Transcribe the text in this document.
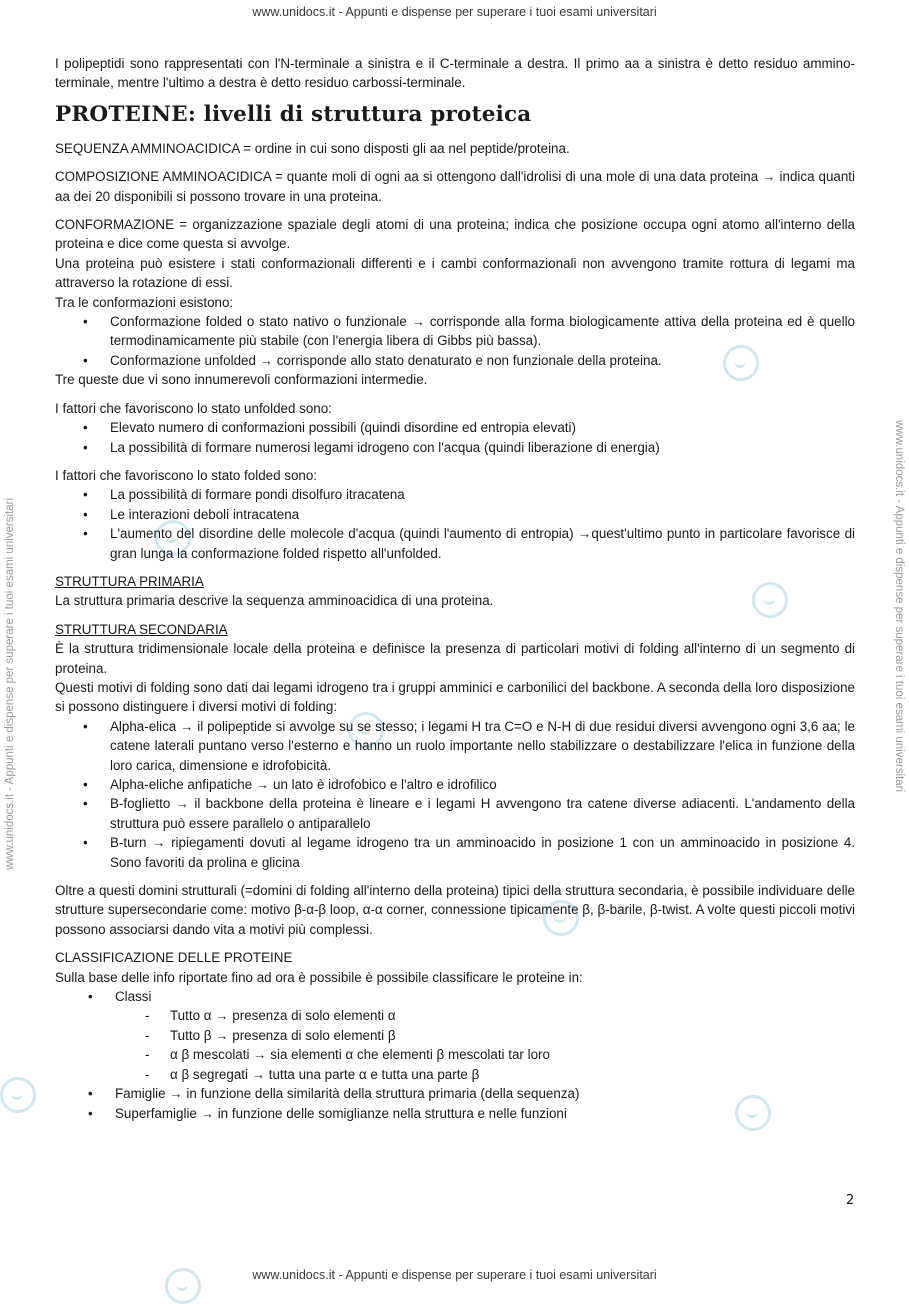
www.unidocs.it - Appunti e dispense per superare i tuoi esami universitari
www.unidocs.it - Appunti e dispense per superare i tuoi esami universitari	www.unidocs.it - Appunti e dispense per superare i tuoi esami universitari

I polipeptidi sono rappresentati con l'N-terminale a sinistra e il C-terminale a destra. Il primo aa a sinistra è detto residuo ammino-terminale, mentre l'ultimo a destra è detto residuo carbossi-terminale.

PROTEINE: livelli di struttura proteica

SEQUENZA AMMINOACIDICA = ordine in cui sono disposti gli aa nel peptide/proteina.

COMPOSIZIONE AMMINOACIDICA = quante moli di ogni aa si ottengono dall'idrolisi di una mole di una data proteina → indica quanti aa dei 20 disponibili si possono trovare in una proteina.

CONFORMAZIONE = organizzazione spaziale degli atomi di una proteina; indica che posizione occupa ogni atomo all'interno della proteina e dice come questa si avvolge.

Una proteina può esistere i stati conformazionali differenti e i cambi conformazionali non avvengono tramite rottura di legami ma attraverso la rotazione di essi.

Tra le conformazioni esistono:

• Conformazione folded o stato nativo o funzionale → corrisponde alla forma biologicamente attiva della proteina ed è quello termodinamicamente più stabile (con l'energia libera di Gibbs più bassa).
• Conformazione unfolded → corrisponde allo stato denaturato e non funzionale della proteina.

Tre queste due vi sono innumerevoli conformazioni intermedie.

I fattori che favoriscono lo stato unfolded sono:

• Elevato numero di conformazioni possibili (quindi disordine ed entropia elevati)
• La possibilità di formare numerosi legami idrogeno con l'acqua (quindi liberazione di energia)

I fattori che favoriscono lo stato folded sono:

• La possibilità di formare pondi disolfuro itracatena
• Le interazioni deboli intracatena
• L'aumento del disordine delle molecole d'acqua (quindi l'aumento di entropia) →quest'ultimo punto in particolare favorisce di gran lunga la conformazione folded rispetto all'unfolded.

STRUTTURA PRIMARIA

La struttura primaria descrive la sequenza amminoacidica di una proteina.

STRUTTURA SECONDARIA

È la struttura tridimensionale locale della proteina e definisce la presenza di particolari motivi di folding all'interno di un segmento di proteina.

Questi motivi di folding sono dati dai legami idrogeno tra i gruppi amminici e carbonilici del backbone. A seconda della loro disposizione si possono distinguere i diversi motivi di folding:

• Alpha-elica → il polipeptide si avvolge su se stesso; i legami H tra C=O e N-H di due residui diversi avvengono ogni 3,6 aa; le catene laterali puntano verso l'esterno e hanno un ruolo importante nello stabilizzare o destabilizzare l'elica in funzione della loro carica, dimensione e idrofobicità.
• Alpha-eliche anfipatiche → un lato è idrofobico e l'altro e idrofilico
• B-foglietto → il backbone della proteina è lineare e i legami H avvengono tra catene diverse adiacenti. L'andamento della struttura può essere parallelo o antiparallelo
• B-turn → ripiegamenti dovuti al legame idrogeno tra un amminoacido in posizione 1 con un amminoacido in posizione 4. Sono favoriti da prolina e glicina

Oltre a questi domini strutturali (=domini di folding all'interno della proteina) tipici della struttura secondaria, è possibile individuare delle strutture supersecondarie come: motivo β-α-β loop, α-α corner, connessione tipicamente β, β-barile, β-twist. A volte questi piccoli motivi possono associarsi dando vita a motivi più complessi.

CLASSIFICAZIONE DELLE PROTEINE

Sulla base delle info riportate fino ad ora è possibile è possibile classificare le proteine in:

• Classi
- Tutto α → presenza di solo elementi α
- Tutto β → presenza di solo elementi β
- α β mescolati → sia elementi α che elementi β mescolati tar loro
- α β segregati → tutta una parte α e tutta una parte β
• Famiglie → in funzione della similarità della struttura primaria (della sequenza)
• Superfamiglie → in funzione delle somiglianze nella struttura e nelle funzioni
2
www.unidocs.it - Appunti e dispense per superare i tuoi esami universitari
